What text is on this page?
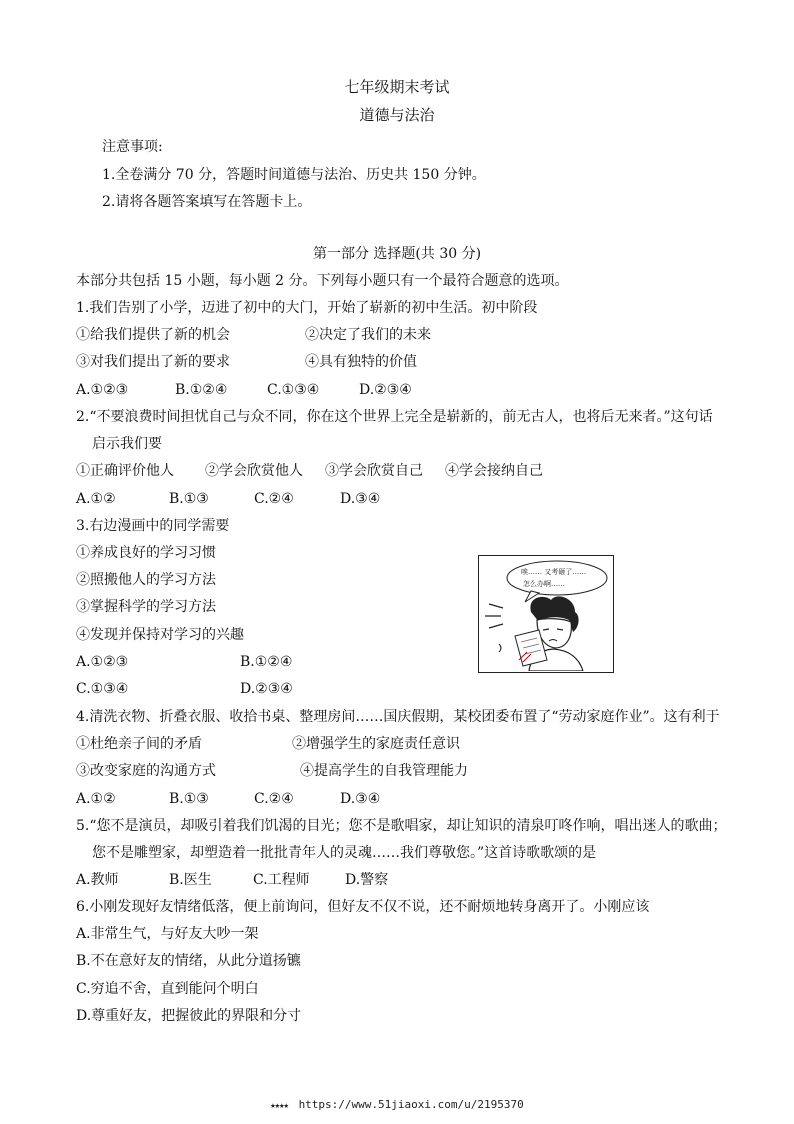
七年级期末考试
道德与法治
注意事项:
1.全卷满分 70 分，答题时间道德与法治、历史共 150 分钟。
2.请将各题答案填写在答题卡上。
第一部分 选择题(共 30 分)
本部分共包括 15 小题，每小题 2 分。下列每小题只有一个最符合题意的选项。
1.我们告别了小学，迈进了初中的大门，开始了崭新的初中生活。初中阶段
①给我们提供了新的机会	②决定了我们的未来
③对我们提出了新的要求	④具有独特的价值
A.①②③	B.①②④	C.①③④	D.②③④
2.“不要浪费时间担忧自己与众不同，你在这个世界上完全是崭新的，前无古人，也将后无来者。”这句话
启示我们要
①正确评价他人 ②学会欣赏他人 ③学会欣赏自己 ④学会接纳自己
A.①②	B.①③	C.②④	D.③④
3.右边漫画中的同学需要
①养成良好的学习习惯
②照搬他人的学习方法
③掌握科学的学习方法
④发现并保持对学习的兴趣
A.①②③	B.①②④
C.①③④	D.②③④
唉…… 又考砸了……
怎么办啊……
4.清洗衣物、折叠衣服、收拾书桌、整理房间……国庆假期，某校团委布置了“劳动家庭作业”。这有利于
①杜绝亲子间的矛盾	②增强学生的家庭责任意识
③改变家庭的沟通方式	④提高学生的自我管理能力
A.①②	B.①③	C.②④	D.③④
5.“您不是演员，却吸引着我们饥渴的目光；您不是歌唱家，却让知识的清泉叮咚作响，唱出迷人的歌曲；
您不是雕塑家，却塑造着一批批青年人的灵魂……我们尊敬您。”这首诗歌歌颂的是
A.教师	B.医生	C.工程师	D.警察
6.小刚发现好友情绪低落，便上前询问，但好友不仅不说，还不耐烦地转身离开了。小刚应该
A.非常生气，与好友大吵一架
B.不在意好友的情绪，从此分道扬镳
C.穷追不舍，直到能问个明白
D.尊重好友，把握彼此的界限和分寸
★★★★ https://www.51jiaoxi.com/u/2195370
